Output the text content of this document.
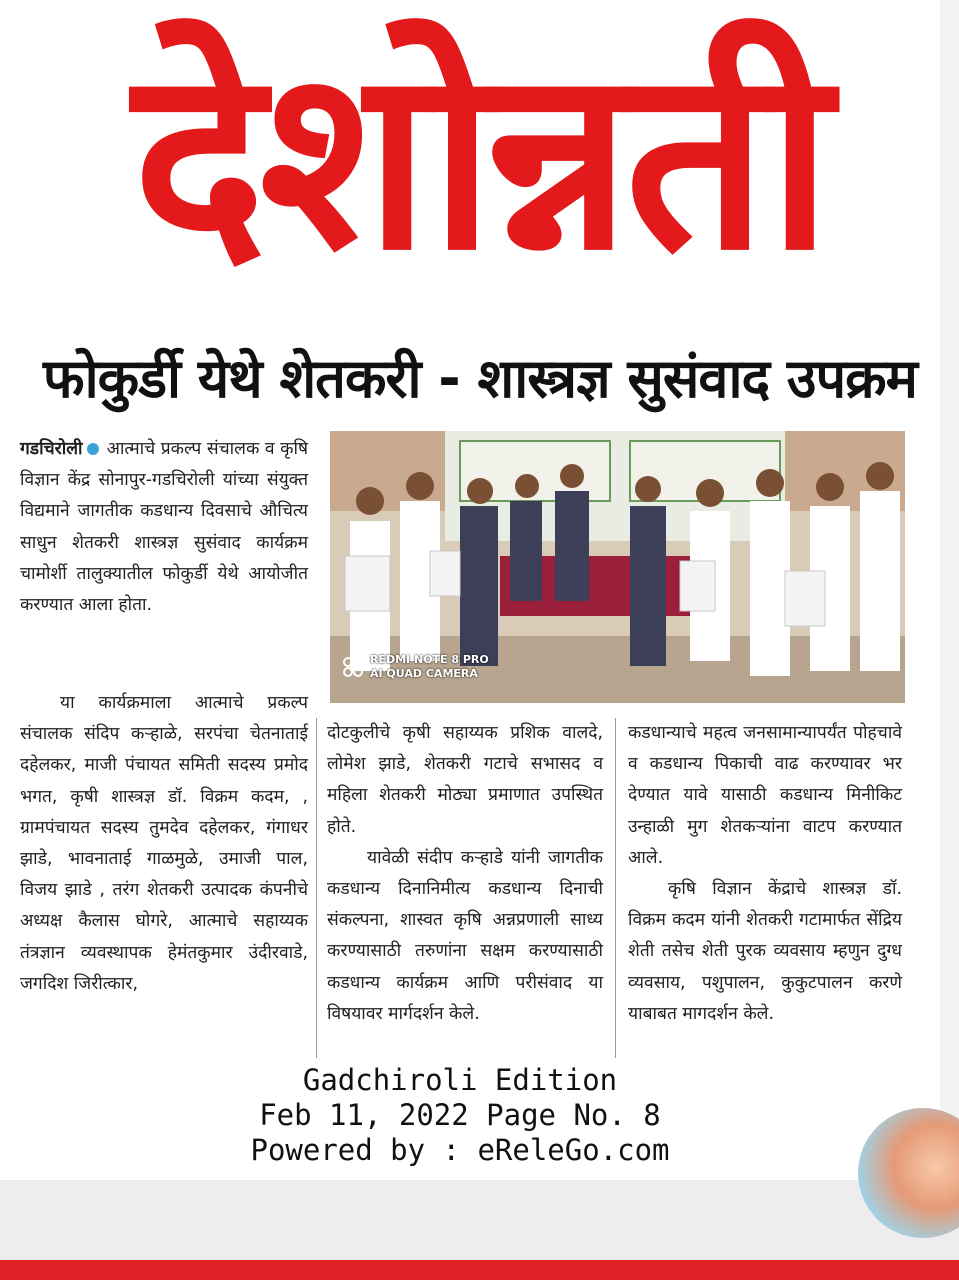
देशोन्नती
फोकुर्डी येथे शेतकरी - शास्त्रज्ञ सुसंवाद उपक्रम

गडचिरोली आत्माचे प्रकल्प संचालक व कृषि विज्ञान केंद्र सोनापुर-गडचिरोली यांच्या संयुक्त विद्यमाने जागतीक कडधान्य दिवसाचे औचित्य साधुन शेतकरी शास्त्रज्ञ सुसंवाद कार्यक्रम चामोर्शी तालुक्यातील फोकुर्डी येथे आयोजीत करण्यात आला होता.

या कार्यक्रमाला आत्माचे प्रकल्प संचालक संदिप कऱ्हाळे, सरपंचा चेतनाताई दहेलकर, माजी पंचायत समिती सदस्य प्रमोद भगत, कृषी शास्त्रज्ञ डॉ. विक्रम कदम, , ग्रामपंचायत सदस्य तुमदेव दहेलकर, गंगाधर झाडे, भावनाताई गाळमुळे, उमाजी पाल, विजय झाडे , तरंग शेतकरी उत्पादक कंपनीचे अध्यक्ष कैलास घोगरे, आत्माचे सहाय्यक तंत्रज्ञान व्यवस्थापक हेमंतकुमार उंदीरवाडे, जगदिश जिरीत्कार,

REDMI NOTE 8 PRO
AI QUAD CAMERA

दोटकुलीचे कृषी सहाय्यक प्रशिक वालदे, लोमेश झाडे, शेतकरी गटाचे सभासद व महिला शेतकरी मोठ्या प्रमाणात उपस्थित होते.

यावेळी संदीप कऱ्हाडे यांनी जागतीक कडधान्य दिनानिमीत्य कडधान्य दिनाची संकल्पना, शास्वत कृषि अन्नप्रणाली साध्य करण्यासाठी तरुणांना सक्षम करण्यासाठी कडधान्य कार्यक्रम आणि परीसंवाद या विषयावर मार्गदर्शन केले.

कडधान्याचे महत्व जनसामान्यापर्यंत पोहचावे व कडधान्य पिकाची वाढ करण्यावर भर देण्यात यावे यासाठी कडधान्य मिनीकिट उन्हाळी मुग शेतकऱ्यांना वाटप करण्यात आले.

कृषि विज्ञान केंद्राचे शास्त्रज्ञ डॉ. विक्रम कदम यांनी शेतकरी गटामार्फत सेंद्रिय शेती तसेच शेती पुरक व्यवसाय म्हणुन दुग्ध व्यवसाय, पशुपालन, कुकुटपालन करणे याबाबत मागदर्शन केले.

Gadchiroli Edition
Feb 11, 2022 Page No. 8
Powered by : eReleGo.com
